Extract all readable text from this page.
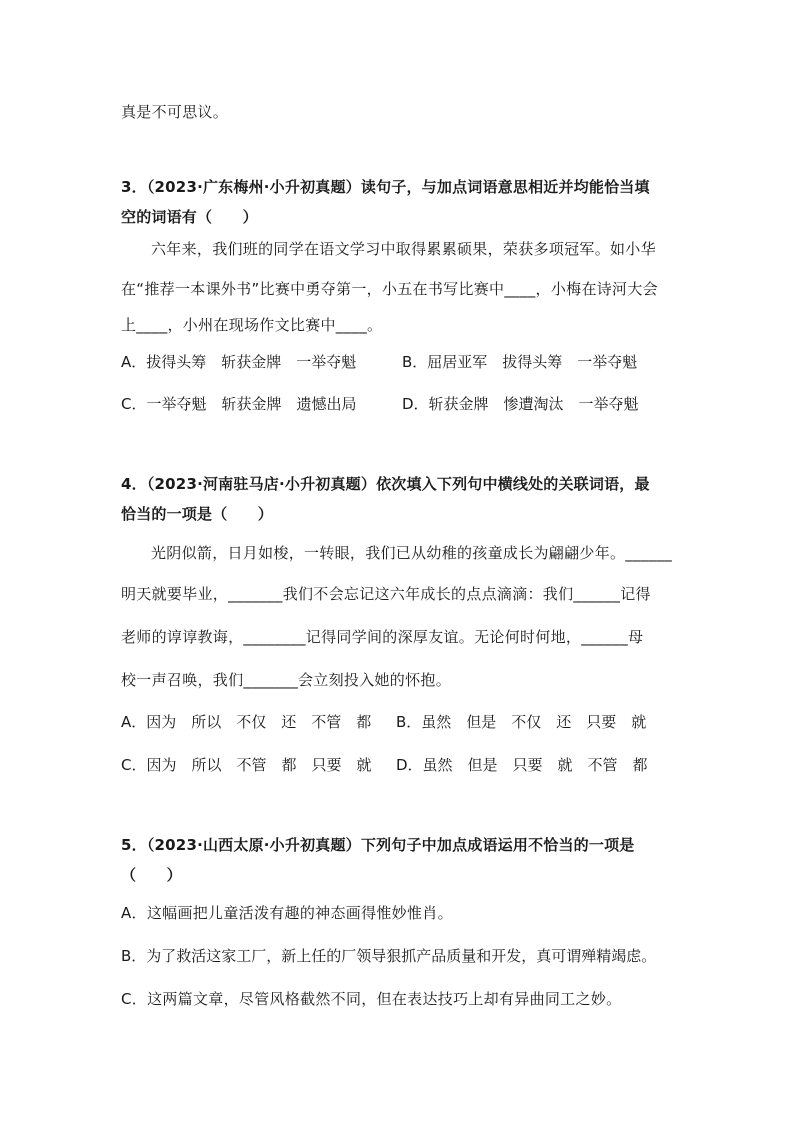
真是不可思议。
3．（2023·广东梅州·小升初真题）读句子，与加点词语意思相近并均能恰当填
空的词语有（　　）
六年来，我们班的同学在语文学习中取得累累硕果，荣获多项冠军。如小华
在“推荐一本课外书”比赛中勇夺第一，小五在书写比赛中____，小梅在诗河大会
上____，小州在现场作文比赛中____。
A．拔得头筹　斩获金牌　一举夺魁	B．屈居亚军　拔得头筹　一举夺魁
C．一举夺魁　斩获金牌　遗憾出局	D．斩获金牌　惨遭淘汰　一举夺魁
4．（2023·河南驻马店·小升初真题）依次填入下列句中横线处的关联词语，最
恰当的一项是（　　）
光阴似箭，日月如梭，一转眼，我们已从幼稚的孩童成长为翩翩少年。______
明天就要毕业，_______我们不会忘记这六年成长的点点滴滴：我们______记得
老师的谆谆教诲，________记得同学间的深厚友谊。无论何时何地，______母
校一声召唤，我们_______会立刻投入她的怀抱。
A．因为　所以　不仅　还　不管　都 B．虽然　但是　不仅　还　只要　就
C．因为　所以　不管　都　只要　就 D．虽然　但是　只要　就　不管　都
5．（2023·山西太原·小升初真题）下列句子中加点成语运用不恰当的一项是
（　　）
A．这幅画把儿童活泼有趣的神态画得惟妙惟肖。
B．为了救活这家工厂，新上任的厂领导狠抓产品质量和开发，真可谓殚精竭虑。
C．这两篇文章，尽管风格截然不同，但在表达技巧上却有异曲同工之妙。
